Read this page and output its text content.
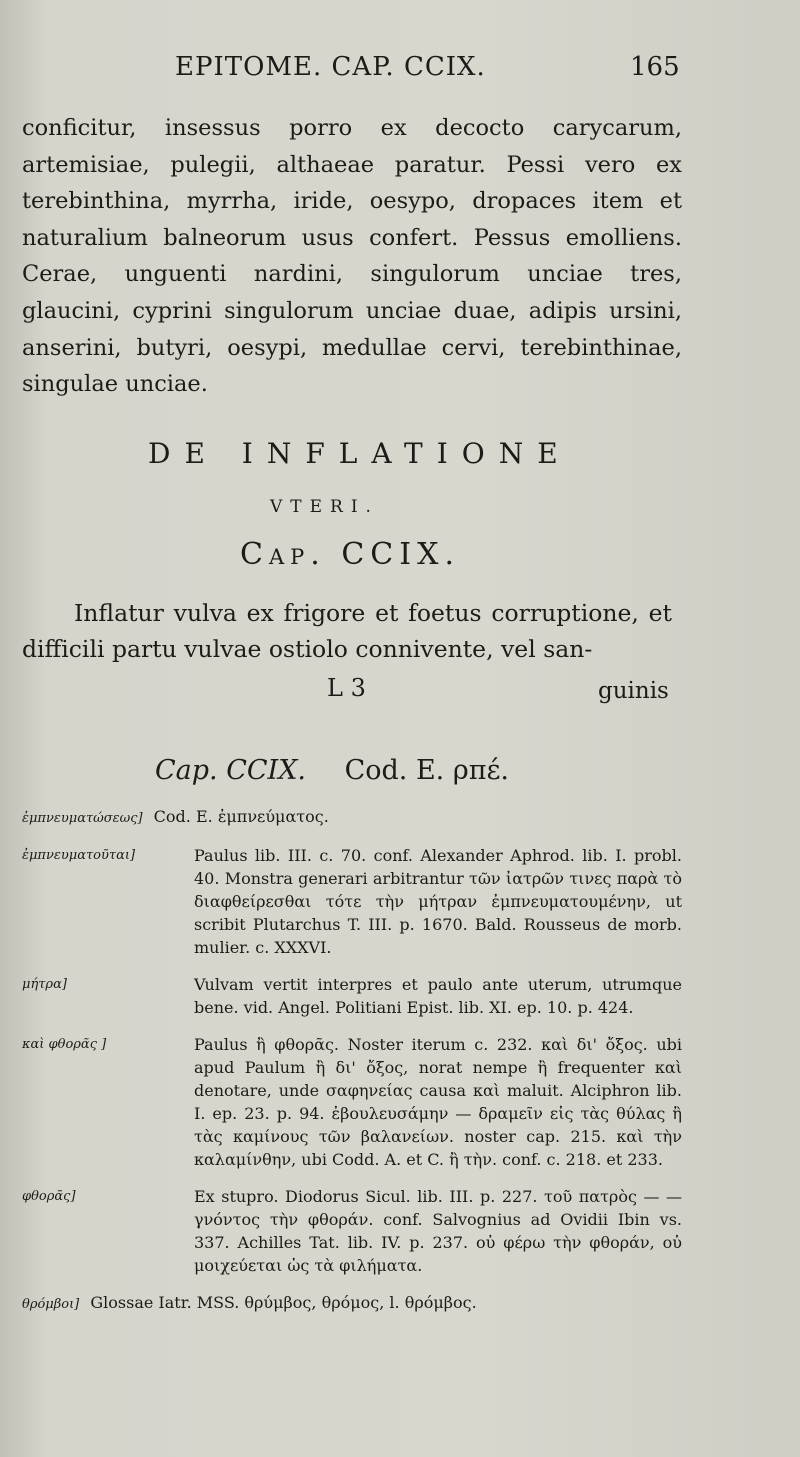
EPITOME. CAP. CCIX.	165

conficitur, insessus porro ex decocto carycarum, artemisiae, pulegii, althaeae paratur. Pessi vero ex terebinthina, myrrha, iride, oesypo, dropaces item et naturalium balneorum usus confert. Pessus emolliens. Cerae, unguenti nardini, singulorum unciae tres, glaucini, cyprini singulorum unciae duae, adipis ursini, anserini, butyri, oesypi, medullae cervi, terebinthinae, singulae unciae.

DE INFLATIONE
VTERI.
Cap. CCIX.

Inflatur vulva ex frigore et foetus corruptione, et difficili partu vulvae ostiolo connivente, vel san-

L 3	guinis
Cap. CCIX. Cod. E. ρπέ.
ἐμπνευματώσεως] Cod. E. ἐμπνεύματος.
ἐμπνευματοῦται]	Paulus lib. III. c. 70. conf. Alexander Aphrod. lib. I. probl. 40. Monstra generari arbitrantur τῶν ἰατρῶν τινες παρὰ τὸ διαφθείρεσθαι τότε τὴν μήτραν ἐμπνευματουμένην, ut scribit Plutarchus T. III. p. 1670. Bald. Rousseus de morb. mulier. c. XXXVI.
μήτρα]	Vulvam vertit interpres et paulo ante uterum, utrumque bene. vid. Angel. Politiani Epist. lib. XI. ep. 10. p. 424.
καὶ φθορᾶς ]	Paulus ἢ φθορᾶς. Noster iterum c. 232. καὶ δι' ὄξος. ubi apud Paulum ἢ δι' ὄξος, norat nempe ἢ frequenter καὶ denotare, unde σαφηνείας causa καὶ maluit. Alciphron lib. I. ep. 23. p. 94. ἐβουλευσάμην — δραμεῖν εἰς τὰς θύλας ἢ τὰς καμίνους τῶν βαλανείων. noster cap. 215. καὶ τὴν καλαμίνθην, ubi Codd. A. et C. ἢ τὴν. conf. c. 218. et 233.
φθορᾶς]	Ex stupro. Diodorus Sicul. lib. III. p. 227. τοῦ πατρὸς — — γνόντος τὴν φθοράν. conf. Salvognius ad Ovidii Ibin vs. 337. Achilles Tat. lib. IV. p. 237. οὐ φέρω τὴν φθοράν, οὐ μοιχεύεται ὡς τὰ φιλήματα.
θρόμβοι] Glossae Iatr. MSS. θρύμβος, θρόμος, l. θρόμβος.
